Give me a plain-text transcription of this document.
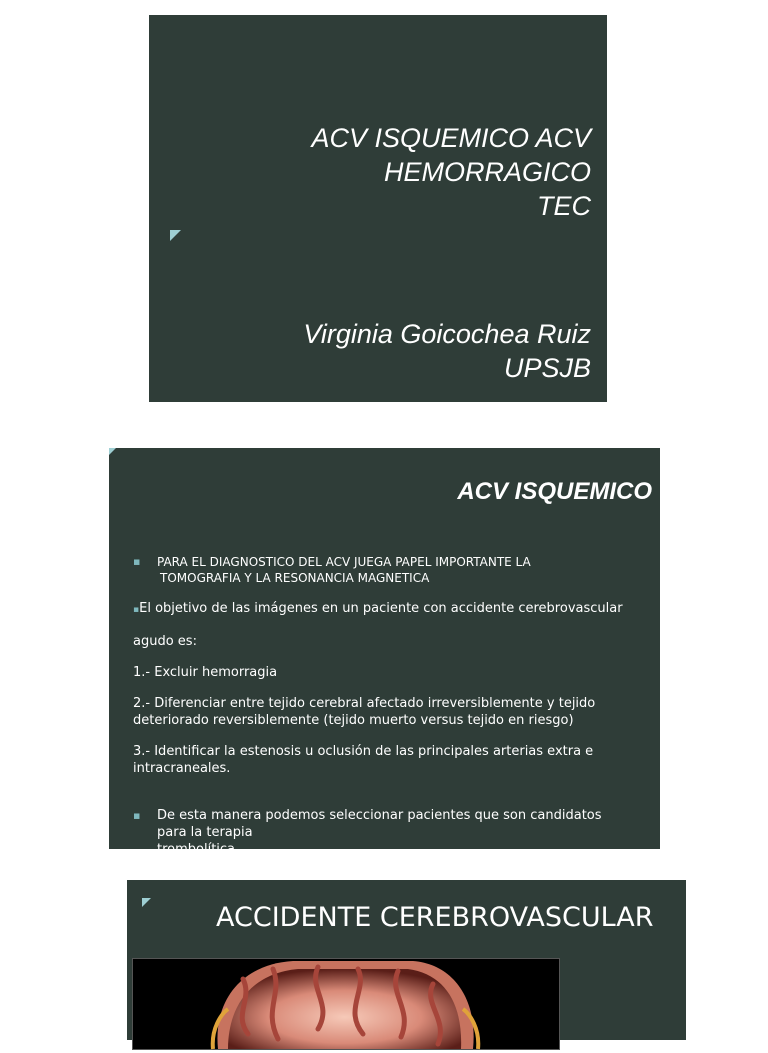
ACV ISQUEMICO ACV
HEMORRAGICO
TEC
Virginia Goicochea Ruiz
UPSJB
ACV ISQUEMICO
▪ PARA EL DIAGNOSTICO DEL ACV JUEGA PAPEL IMPORTANTE LA
TOMOGRAFIA Y LA RESONANCIA MAGNETICA
▪El objetivo de las imágenes en un paciente con accidente cerebrovascular
agudo es:
1.- Excluir hemorragia
2.- Diferenciar entre tejido cerebral afectado irreversiblemente y tejido
deteriorado reversiblemente (tejido muerto versus tejido en riesgo)
3.- Identificar la estenosis u oclusión de las principales arterias extra e
intracraneales.
▪ De esta manera podemos seleccionar pacientes que son candidatos
para la terapia
trombolítica.
ACCIDENTE CEREBROVASCULAR
